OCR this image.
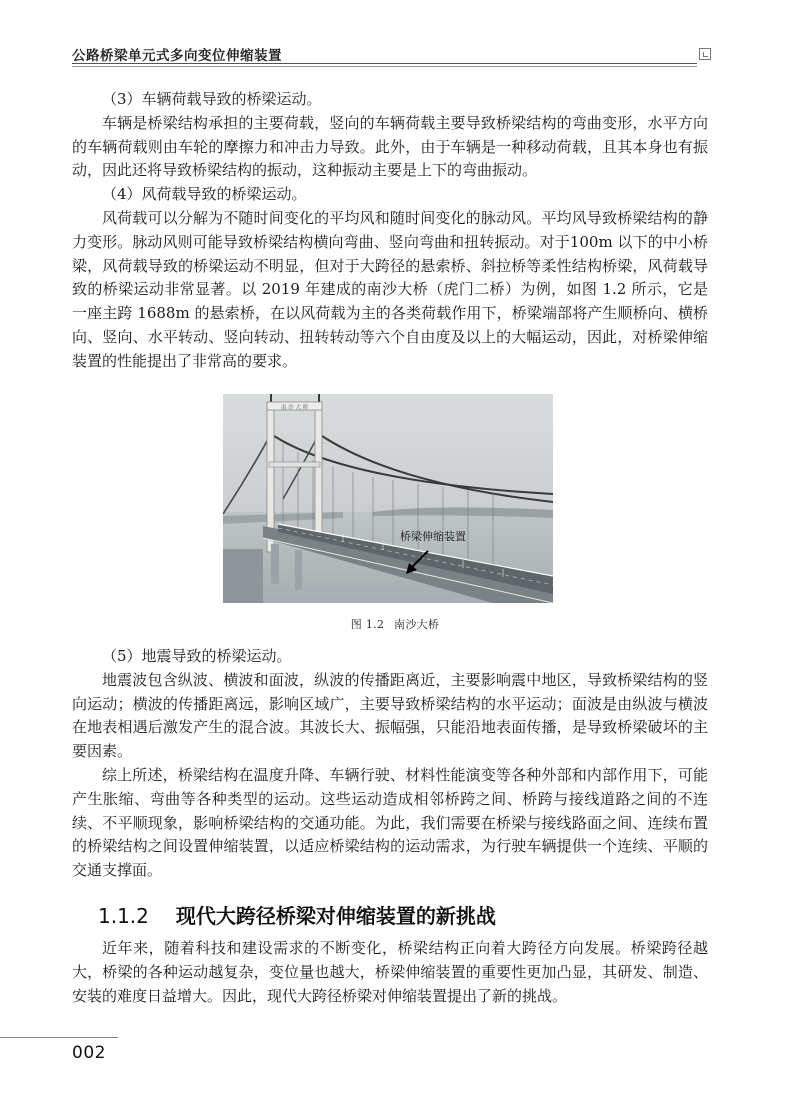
公路桥梁单元式多向变位伸缩装置

（3）车辆荷载导致的桥梁运动。

车辆是桥梁结构承担的主要荷载，竖向的车辆荷载主要导致桥梁结构的弯曲变形，水平方向的车辆荷载则由车轮的摩擦力和冲击力导致。此外，由于车辆是一种移动荷载，且其本身也有振动，因此还将导致桥梁结构的振动，这种振动主要是上下的弯曲振动。

（4）风荷载导致的桥梁运动。

风荷载可以分解为不随时间变化的平均风和随时间变化的脉动风。平均风导致桥梁结构的静力变形。脉动风则可能导致桥梁结构横向弯曲、竖向弯曲和扭转振动。对于100m 以下的中小桥梁，风荷载导致的桥梁运动不明显，但对于大跨径的悬索桥、斜拉桥等柔性结构桥梁，风荷载导致的桥梁运动非常显著。以 2019 年建成的南沙大桥（虎门二桥）为例，如图 1.2 所示，它是一座主跨 1688m 的悬索桥，在以风荷载为主的各类荷载作用下，桥梁端部将产生顺桥向、横桥向、竖向、水平转动、竖向转动、扭转转动等六个自由度及以上的大幅运动，因此，对桥梁伸缩装置的性能提出了非常高的要求。

南 沙 大 桥
桥梁伸缩装置
图 1.2 南沙大桥

（5）地震导致的桥梁运动。

地震波包含纵波、横波和面波，纵波的传播距离近，主要影响震中地区，导致桥梁结构的竖向运动；横波的传播距离远，影响区域广，主要导致桥梁结构的水平运动；面波是由纵波与横波在地表相遇后激发产生的混合波。其波长大、振幅强，只能沿地表面传播，是导致桥梁破坏的主要因素。

综上所述，桥梁结构在温度升降、车辆行驶、材料性能演变等各种外部和内部作用下，可能产生胀缩、弯曲等各种类型的运动。这些运动造成相邻桥跨之间、桥跨与接线道路之间的不连续、不平顺现象，影响桥梁结构的交通功能。为此，我们需要在桥梁与接线路面之间、连续布置的桥梁结构之间设置伸缩装置，以适应桥梁结构的运动需求，为行驶车辆提供一个连续、平顺的交通支撑面。

1.1.2 现代大跨径桥梁对伸缩装置的新挑战

近年来，随着科技和建设需求的不断变化，桥梁结构正向着大跨径方向发展。桥梁跨径越大，桥梁的各种运动越复杂，变位量也越大，桥梁伸缩装置的重要性更加凸显，其研发、制造、安装的难度日益增大。因此，现代大跨径桥梁对伸缩装置提出了新的挑战。

002
